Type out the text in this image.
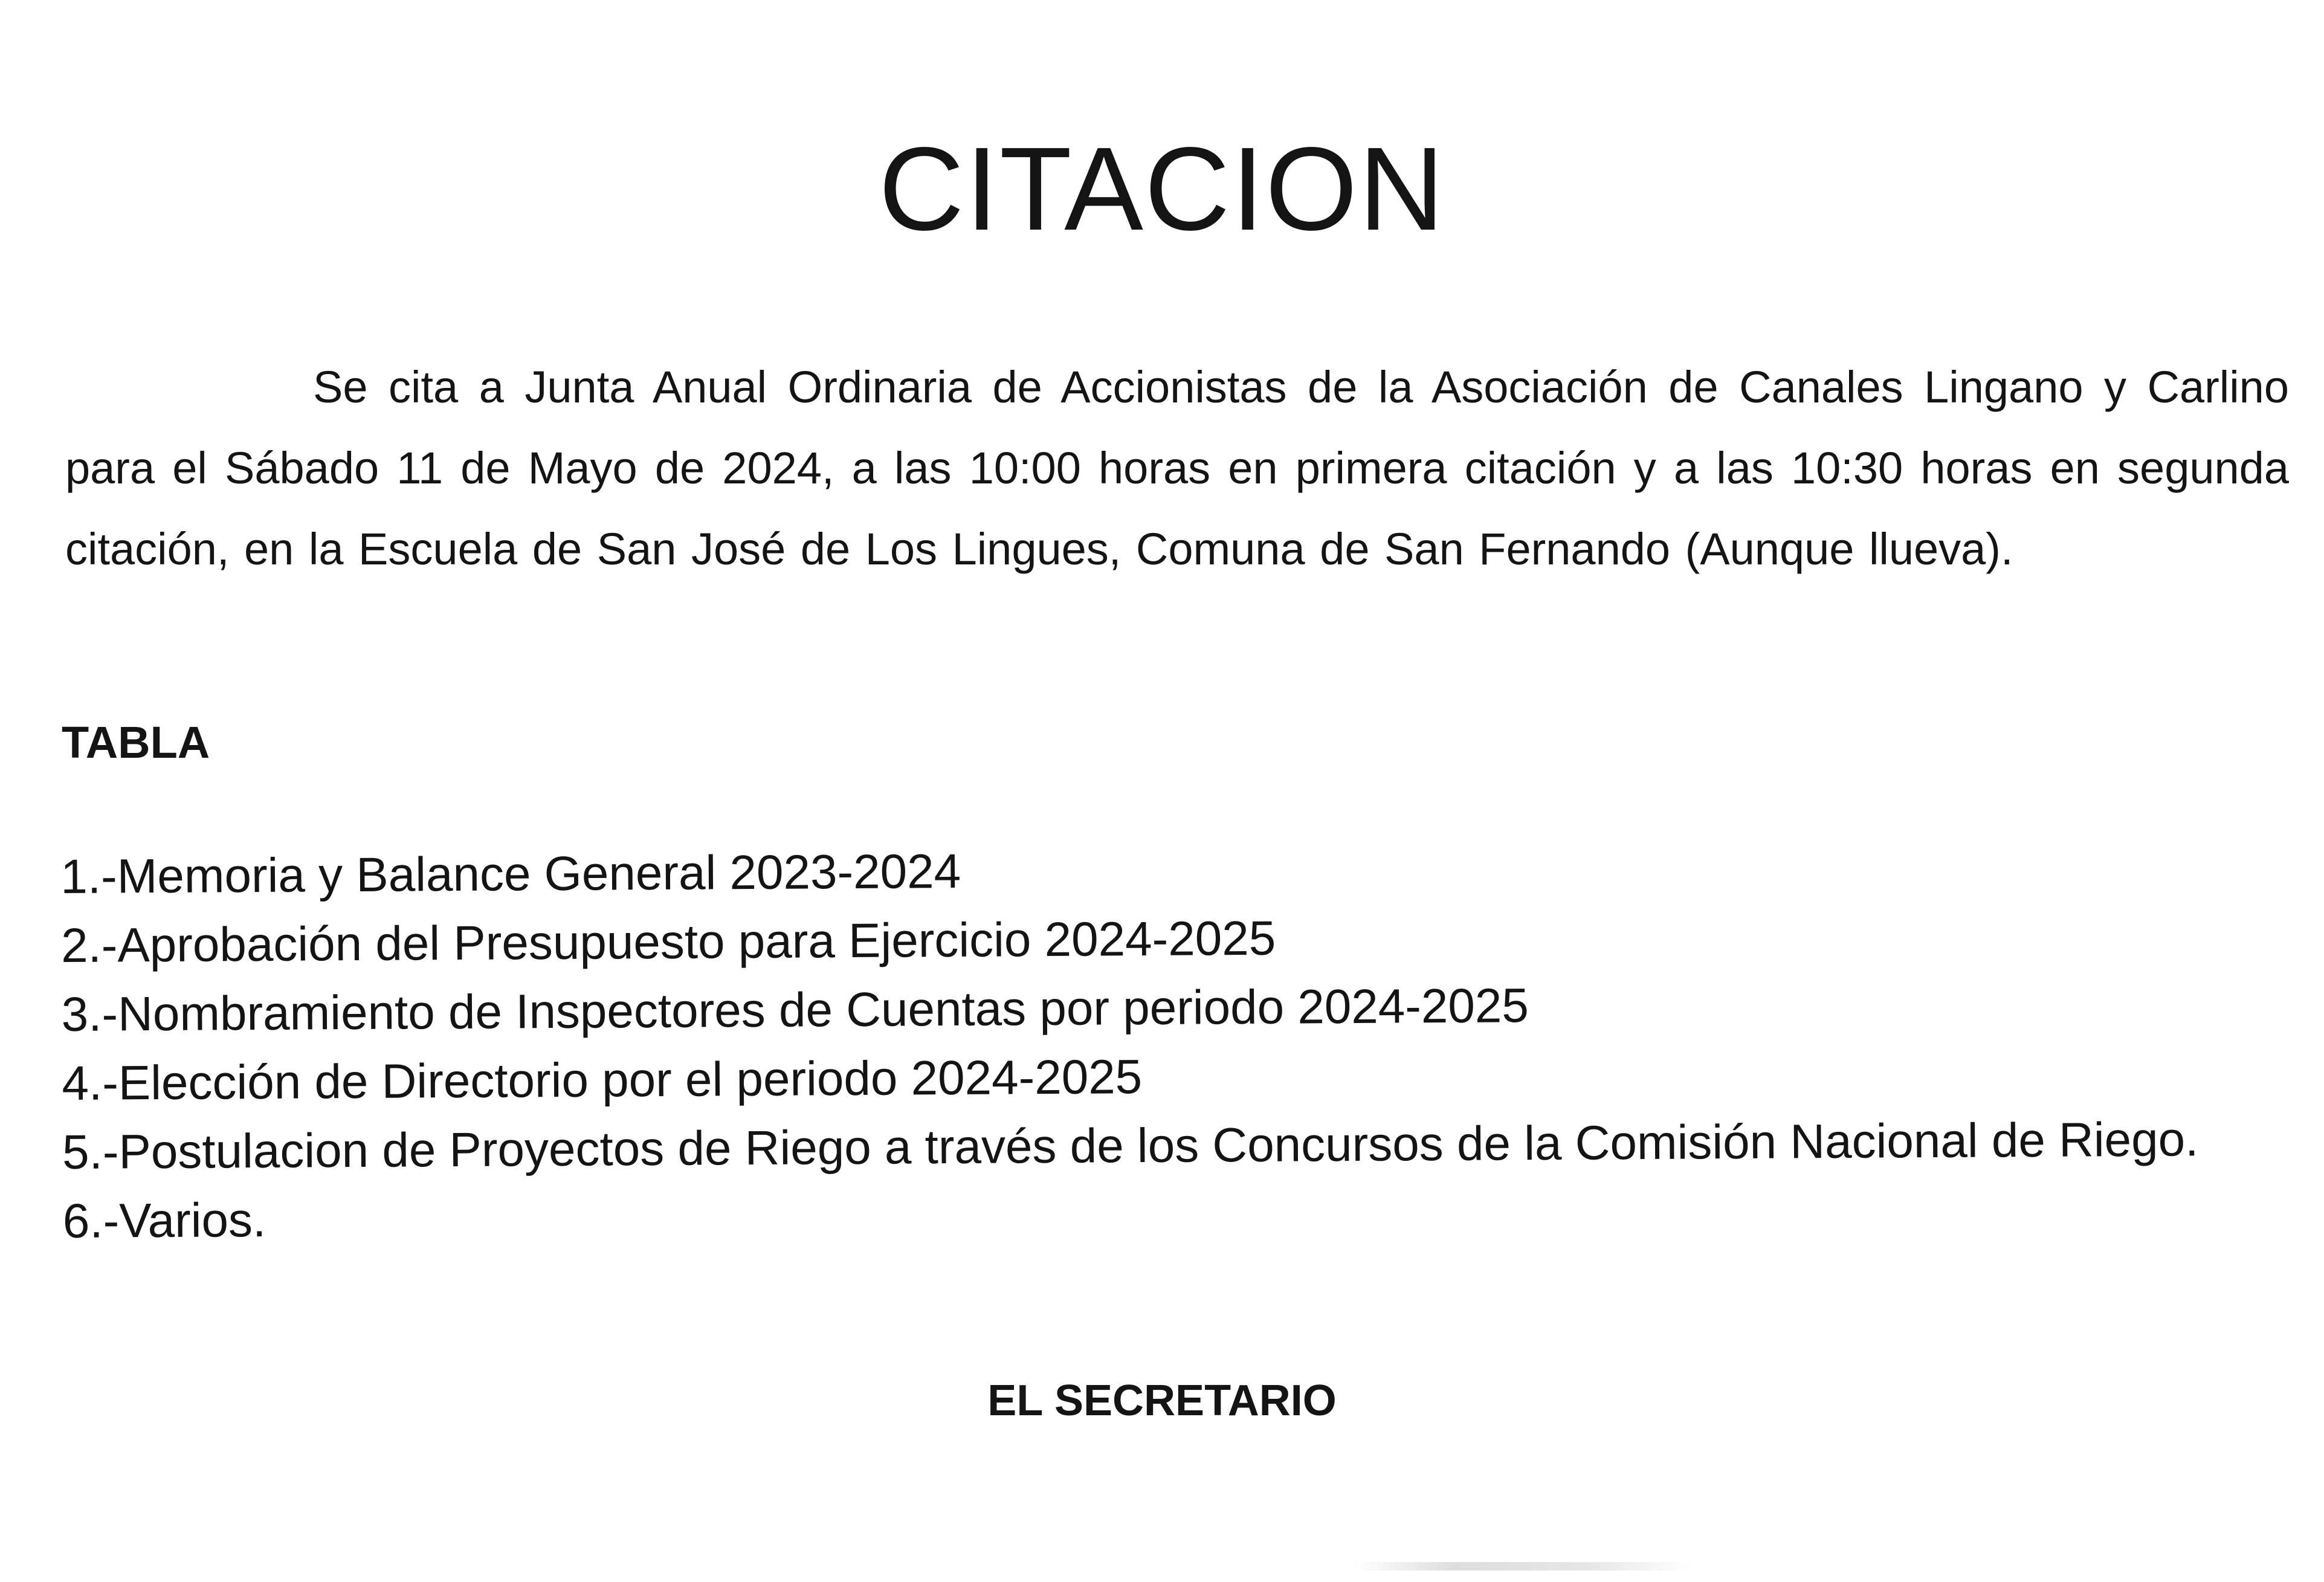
CITACION
Se cita a Junta Anual Ordinaria de Accionistas de la Asociación de Canales Lingano y Carlino para el Sábado 11 de Mayo de 2024, a las 10:00 horas en primera citación y a las 10:30 horas en segunda citación, en la Escuela de San José de Los Lingues, Comuna de San Fernando (Aunque llueva).
TABLA
1.-Memoria y Balance General 2023-2024
2.-Aprobación del Presupuesto para Ejercicio 2024-2025
3.-Nombramiento de Inspectores de Cuentas por periodo 2024-2025
4.-Elección de Directorio por el periodo 2024-2025
5.-Postulacion de Proyectos de Riego a través de los Concursos de la Comisión Nacional de Riego.
6.-Varios.
EL SECRETARIO
